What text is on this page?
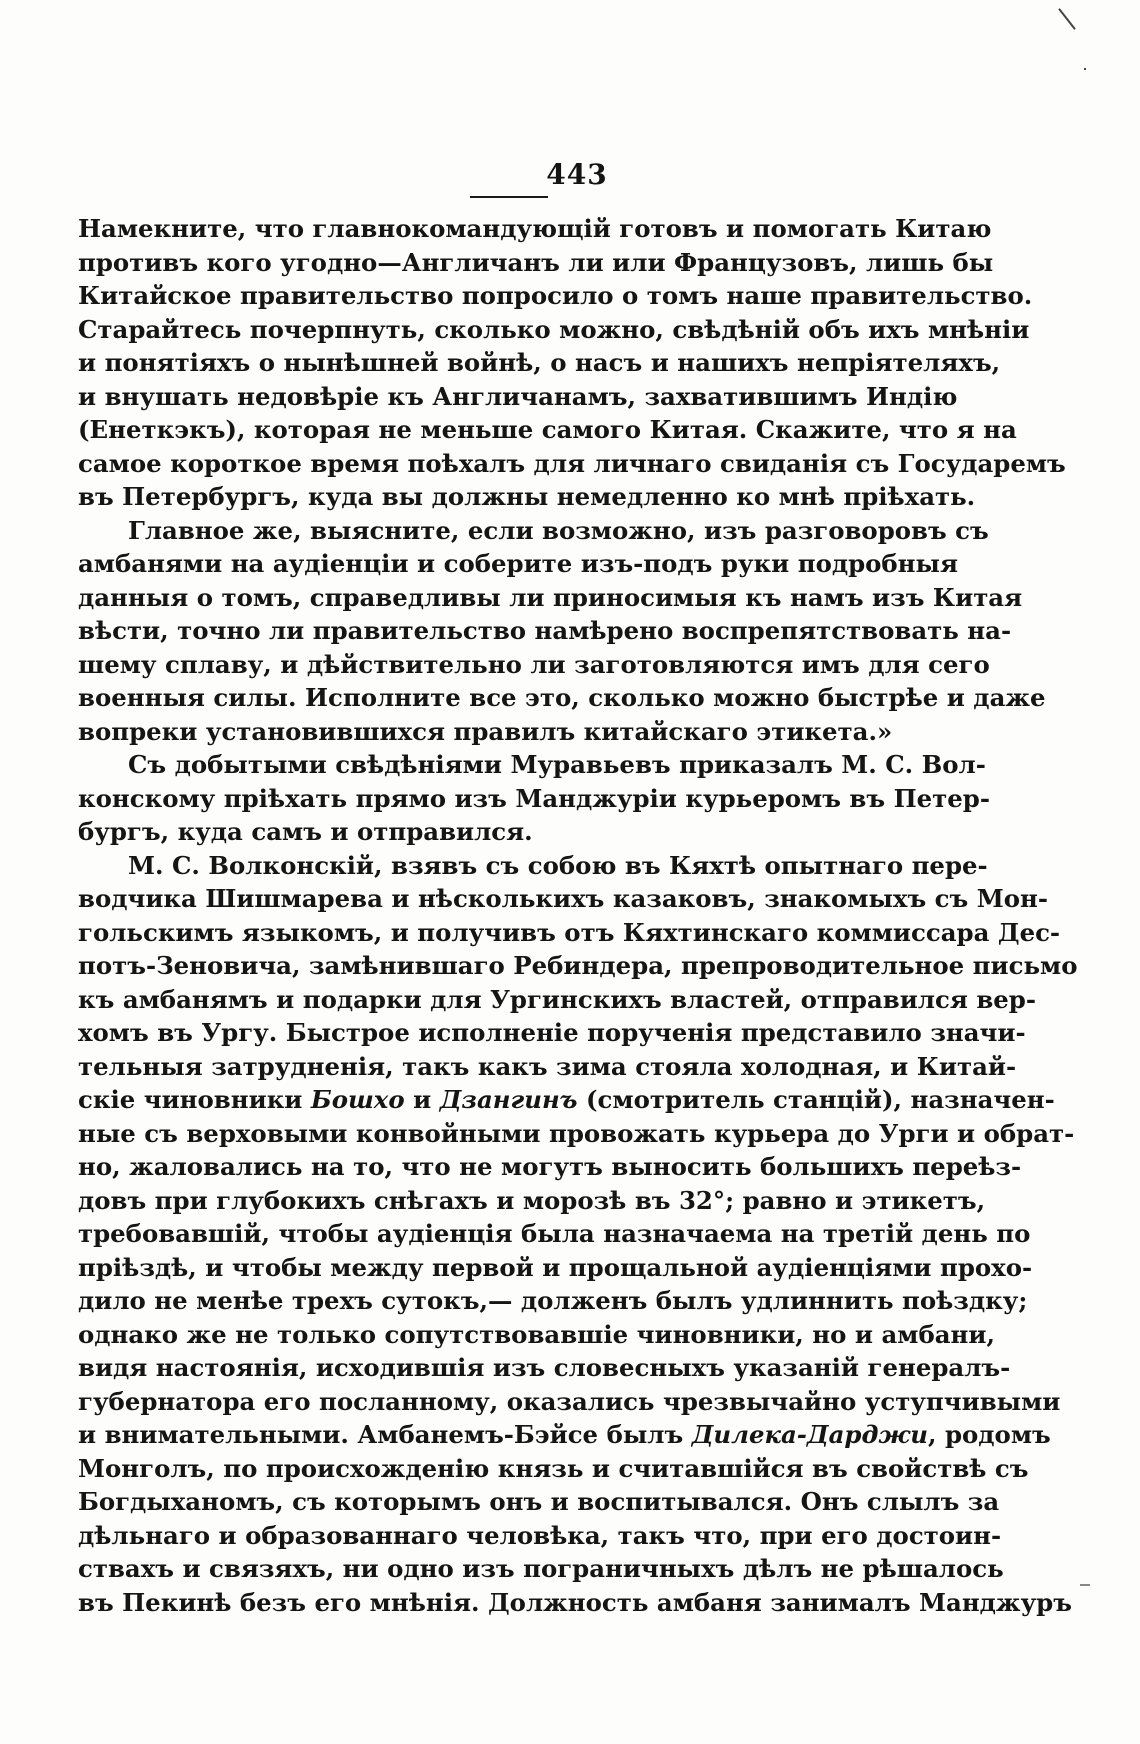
443
Намекните, что главнокомандующій готовъ и помогать Китаю
противъ кого угодно—Англичанъ ли или Французовъ, лишь бы
Китайское правительство попросило о томъ наше правительство.
Старайтесь почерпнуть, сколько можно, свѣдѣній объ ихъ мнѣніи
и понятіяхъ о нынѣшней войнѣ, о насъ и нашихъ непріятеляхъ,
и внушать недовѣріе къ Англичанамъ, захватившимъ Индію
(Енеткэкъ), которая не меньше самого Китая. Скажите, что я на
самое короткое время поѣхалъ для личнаго свиданія съ Государемъ
въ Петербургъ, куда вы должны немедленно ко мнѣ пріѣхать.
Главное же, выясните, если возможно, изъ разговоровъ съ
амбанями на аудіенціи и соберите изъ-подъ руки подробныя
данныя о томъ, справедливы ли приносимыя къ намъ изъ Китая
вѣсти, точно ли правительство намѣрено воспрепятствовать на-
шему сплаву, и дѣйствительно ли заготовляются имъ для сего
военныя силы. Исполните все это, сколько можно быстрѣе и даже
вопреки установившихся правилъ китайскаго этикета.»
Съ добытыми свѣдѣніями Муравьевъ приказалъ М. С. Вол-
конскому пріѣхать прямо изъ Манджуріи курьеромъ въ Петер-
бургъ, куда самъ и отправился.
М. С. Волконскій, взявъ съ собою въ Кяхтѣ опытнаго пере-
водчика Шишмарева и нѣсколькихъ казаковъ, знакомыхъ съ Мон-
гольскимъ языкомъ, и получивъ отъ Кяхтинскаго коммиссара Дес-
потъ-Зеновича, замѣнившаго Ребиндера, препроводительное письмо
къ амбанямъ и подарки для Ургинскихъ властей, отправился вер-
хомъ въ Ургу. Быстрое исполненіе порученія представило значи-
тельныя затрудненія, такъ какъ зима стояла холодная, и Китай-
скіе чиновники Бошхо и Дзангинъ (смотритель станцій), назначен-
ные съ верховыми конвойными провожать курьера до Урги и обрат-
но, жаловались на то, что не могутъ выносить большихъ переѣз-
довъ при глубокихъ снѣгахъ и морозѣ въ 32°; равно и этикетъ,
требовавшій, чтобы аудіенція была назначаема на третій день по
пріѣздѣ, и чтобы между первой и прощальной аудіенціями прохо-
дило не менѣе трехъ сутокъ,— долженъ былъ удлиннить поѣздку;
однако же не только сопутствовавшіе чиновники, но и амбани,
видя настоянія, исходившія изъ словесныхъ указаній генералъ-
губернатора его посланному, оказались чрезвычайно уступчивыми
и внимательными. Амбанемъ-Бэйсе былъ Дилека-Дарджи, родомъ
Монголъ, по происхожденію князь и считавшійся въ свойствѣ съ
Богдыханомъ, съ которымъ онъ и воспитывался. Онъ слылъ за
дѣльнаго и образованнаго человѣка, такъ что, при его достоин-
ствахъ и связяхъ, ни одно изъ пограничныхъ дѣлъ не рѣшалось
въ Пекинѣ безъ его мнѣнія. Должность амбаня занималъ Манджуръ
